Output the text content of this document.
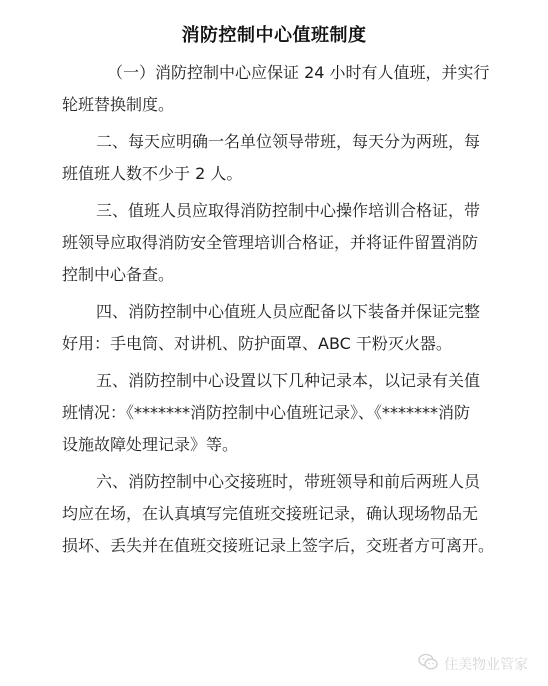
消防控制中心值班制度
（一）消防控制中心应保证 24 小时有人值班，并实行
轮班替换制度。
二、每天应明确一名单位领导带班，每天分为两班，每
班值班人数不少于 2 人。
三、值班人员应取得消防控制中心操作培训合格证，带
班领导应取得消防安全管理培训合格证，并将证件留置消防
控制中心备查。
四、消防控制中心值班人员应配备以下装备并保证完整
好用：手电筒、对讲机、防护面罩、ABC 干粉灭火器。
五、消防控制中心设置以下几种记录本，以记录有关值
班情况：《*******消防控制中心值班记录》、《*******消防
设施故障处理记录》等。
六、消防控制中心交接班时，带班领导和前后两班人员
均应在场，在认真填写完值班交接班记录，确认现场物品无
损坏、丢失并在值班交接班记录上签字后，交班者方可离开。
住美物业管家
